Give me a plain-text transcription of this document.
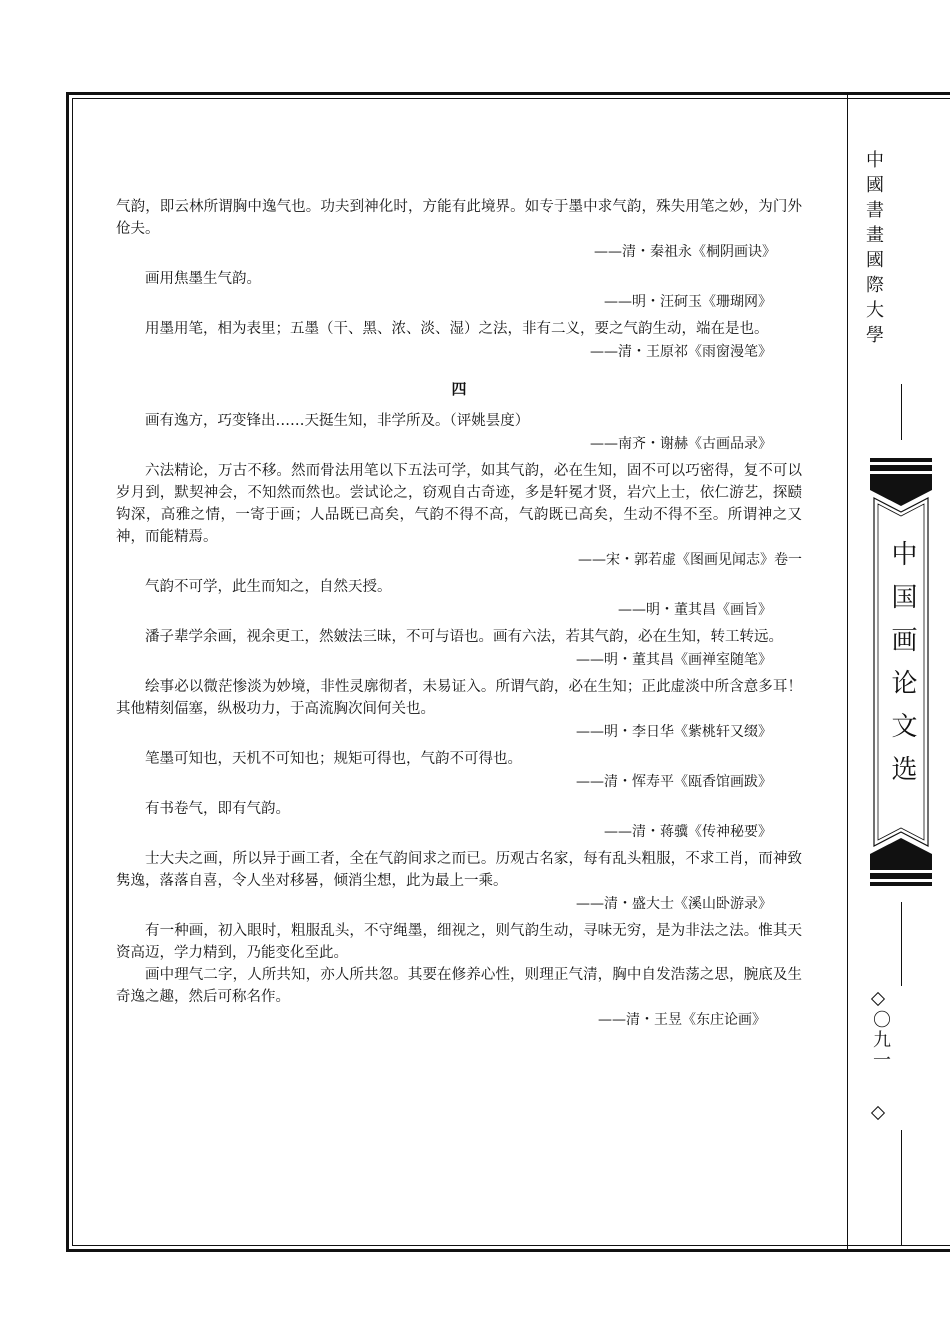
中國書畫國際大學
中国画论文选
〇九一

气韵，即云林所谓胸中逸气也。功夫到神化时，方能有此境界。如专于墨中求气韵，殊失用笔之妙，为门外伧夫。

——清・秦祖永《桐阴画诀》

画用焦墨生气韵。

——明・汪砢玉《珊瑚网》

用墨用笔，相为表里；五墨（干、黑、浓、淡、湿）之法，非有二义，要之气韵生动，端在是也。

——清・王原祁《雨窗漫笔》

四

画有逸方，巧变锋出……天挺生知，非学所及。（评姚昙度）

——南齐・谢赫《古画品录》

六法精论，万古不移。然而骨法用笔以下五法可学，如其气韵，必在生知，固不可以巧密得，复不可以岁月到，默契神会，不知然而然也。尝试论之，窃观自古奇迹，多是轩冕才贤，岩穴上士，依仁游艺，探赜钩深，高雅之情，一寄于画；人品既已高矣，气韵不得不高，气韵既已高矣，生动不得不至。所谓神之又神，而能精焉。

——宋・郭若虚《图画见闻志》卷一

气韵不可学，此生而知之，自然天授。

——明・董其昌《画旨》

潘子辈学余画，视余更工，然皴法三昧，不可与语也。画有六法，若其气韵，必在生知，转工转远。

——明・董其昌《画禅室随笔》

绘事必以微茫惨淡为妙境，非性灵廓彻者，未易证入。所谓气韵，必在生知；正此虚淡中所含意多耳！其他精刻偪塞，纵极功力，于高流胸次间何关也。

——明・李日华《紫桃轩又缀》

笔墨可知也，天机不可知也；规矩可得也，气韵不可得也。

——清・恽寿平《瓯香馆画跋》

有书卷气，即有气韵。

——清・蒋骥《传神秘要》

士大夫之画，所以异于画工者，全在气韵间求之而已。历观古名家，每有乱头粗服，不求工肖，而神致隽逸，落落自喜，令人坐对移晷，倾消尘想，此为最上一乘。

——清・盛大士《溪山卧游录》

有一种画，初入眼时，粗服乱头，不守绳墨，细视之，则气韵生动，寻味无穷，是为非法之法。惟其天资高迈，学力精到，乃能变化至此。

画中理气二字，人所共知，亦人所共忽。其要在修养心性，则理正气清，胸中自发浩荡之思，腕底及生奇逸之趣，然后可称名作。

——清・王昱《东庄论画》
